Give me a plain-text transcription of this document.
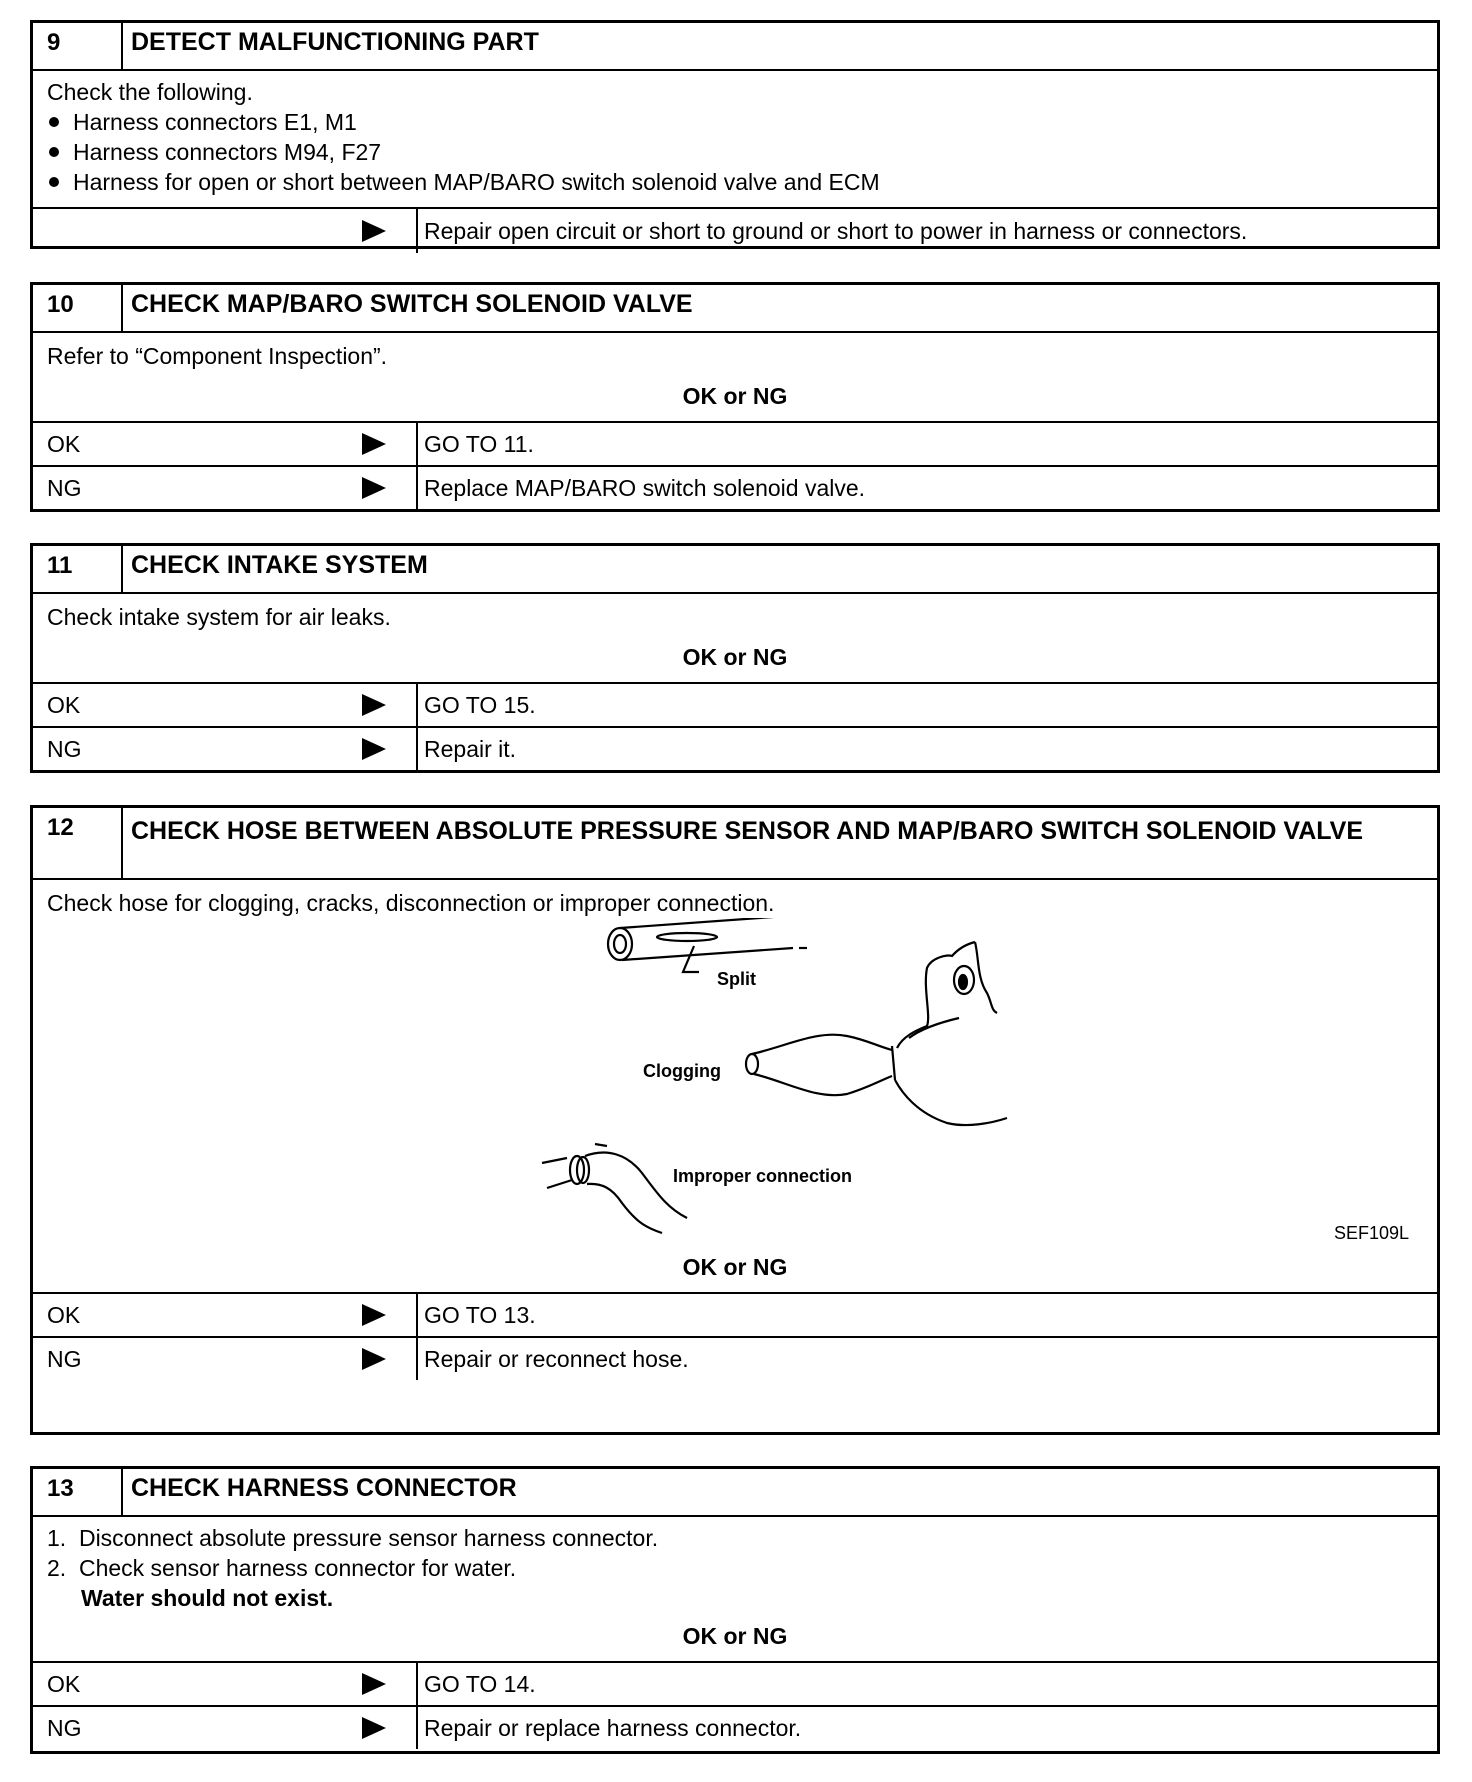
9	DETECT MALFUNCTIONING PART
Check the following.
Harness connectors E1, M1
Harness connectors M94, F27
Harness for open or short between MAP/BARO switch solenoid valve and ECM
Repair open circuit or short to ground or short to power in harness or connectors.
10	CHECK MAP/BARO SWITCH SOLENOID VALVE
Refer to “Component Inspection”.
OK or NG
OK	GO TO 11.
NG	Replace MAP/BARO switch solenoid valve.
11	CHECK INTAKE SYSTEM
Check intake system for air leaks.
OK or NG
OK	GO TO 15.
NG	Repair it.
12	CHECK HOSE BETWEEN ABSOLUTE PRESSURE SENSOR AND MAP/BARO SWITCH SOLENOID VALVE
Check hose for clogging, cracks, disconnection or improper connection.
Split
Clogging
Improper connection
SEF109L
OK or NG
OK	GO TO 13.
NG	Repair or reconnect hose.
13	CHECK HARNESS CONNECTOR
1.  Disconnect absolute pressure sensor harness connector.
2.  Check sensor harness connector for water.
Water should not exist.
OK or NG
OK	GO TO 14.
NG	Repair or replace harness connector.
